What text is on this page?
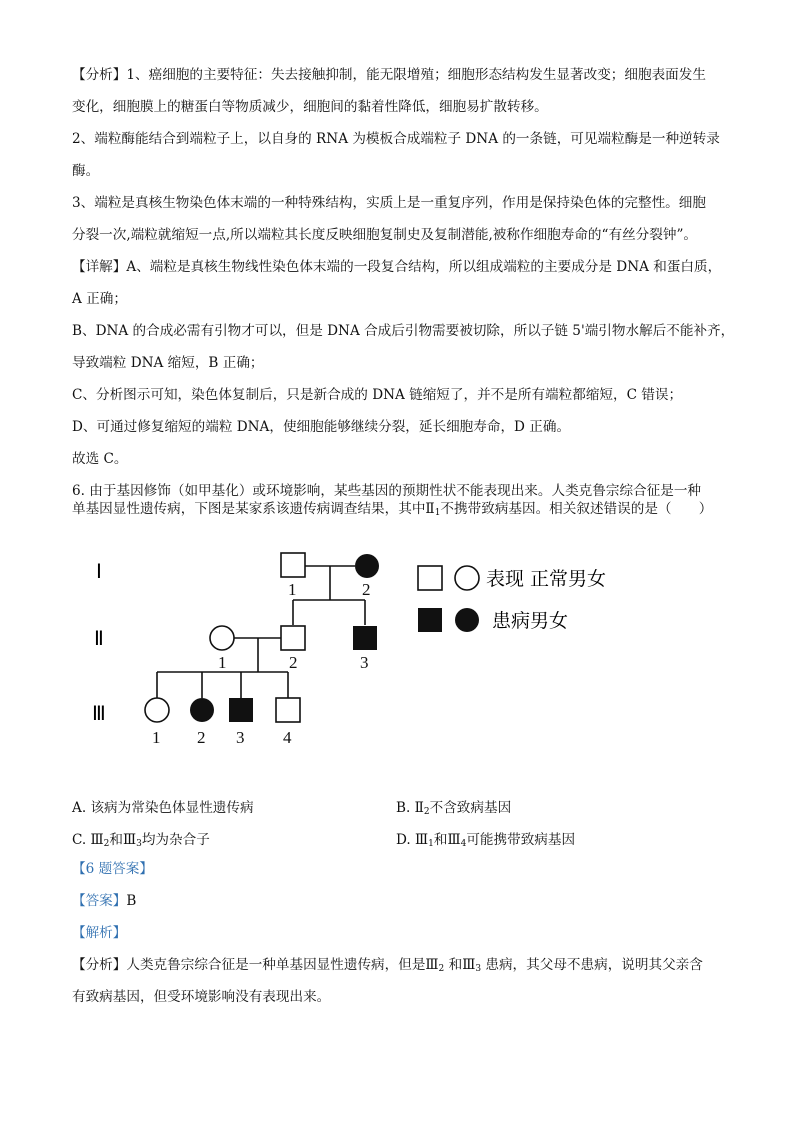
【分析】1、癌细胞的主要特征：失去接触抑制，能无限增殖；细胞形态结构发生显著改变；细胞表面发生
变化，细胞膜上的糖蛋白等物质减少，细胞间的黏着性降低，细胞易扩散转移。
2、端粒酶能结合到端粒子上，以自身的 RNA 为模板合成端粒子 DNA 的一条链，可见端粒酶是一种逆转录
酶。
3、端粒是真核生物染色体末端的一种特殊结构，实质上是一重复序列，作用是保持染色体的完整性。细胞
分裂一次,端粒就缩短一点,所以端粒其长度反映细胞复制史及复制潜能,被称作细胞寿命的“有丝分裂钟”。
【详解】A、端粒是真核生物线性染色体末端的一段复合结构，所以组成端粒的主要成分是 DNA 和蛋白质，
A 正确；
B、DNA 的合成必需有引物才可以，但是 DNA 合成后引物需要被切除，所以子链 5'端引物水解后不能补齐，
导致端粒 DNA 缩短，B 正确；
C、分析图示可知，染色体复制后，只是新合成的 DNA 链缩短了，并不是所有端粒都缩短，C 错误；
D、可通过修复缩短的端粒 DNA，使细胞能够继续分裂，延长细胞寿命，D 正确。
故选 C。
6. 由于基因修饰（如甲基化）或环境影响，某些基因的预期性状不能表现出来。人类克鲁宗综合征是一种
单基因显性遗传病，下图是某家系该遗传病调查结果，其中$Ⅱ_1$不携带致病基因。相关叙述错误的是（　　）
Ⅰ
Ⅱ
Ⅲ
1	2
1	2	3
1 2 3 4
表现 正常男女
患病男女
A. 该病为常染色体显性遗传病	B. $Ⅱ_2$不含致病基因
C. $Ⅲ_2$和$Ⅲ_3$均为杂合子	D. $Ⅲ_1$和$Ⅲ_4$可能携带致病基因
【6 题答案】
【答案】B
【解析】
【分析】人类克鲁宗综合征是一种单基因显性遗传病，但是$Ⅲ_2$ 和$Ⅲ_3$ 患病，其父母不患病，说明其父亲含
有致病基因，但受环境影响没有表现出来。
